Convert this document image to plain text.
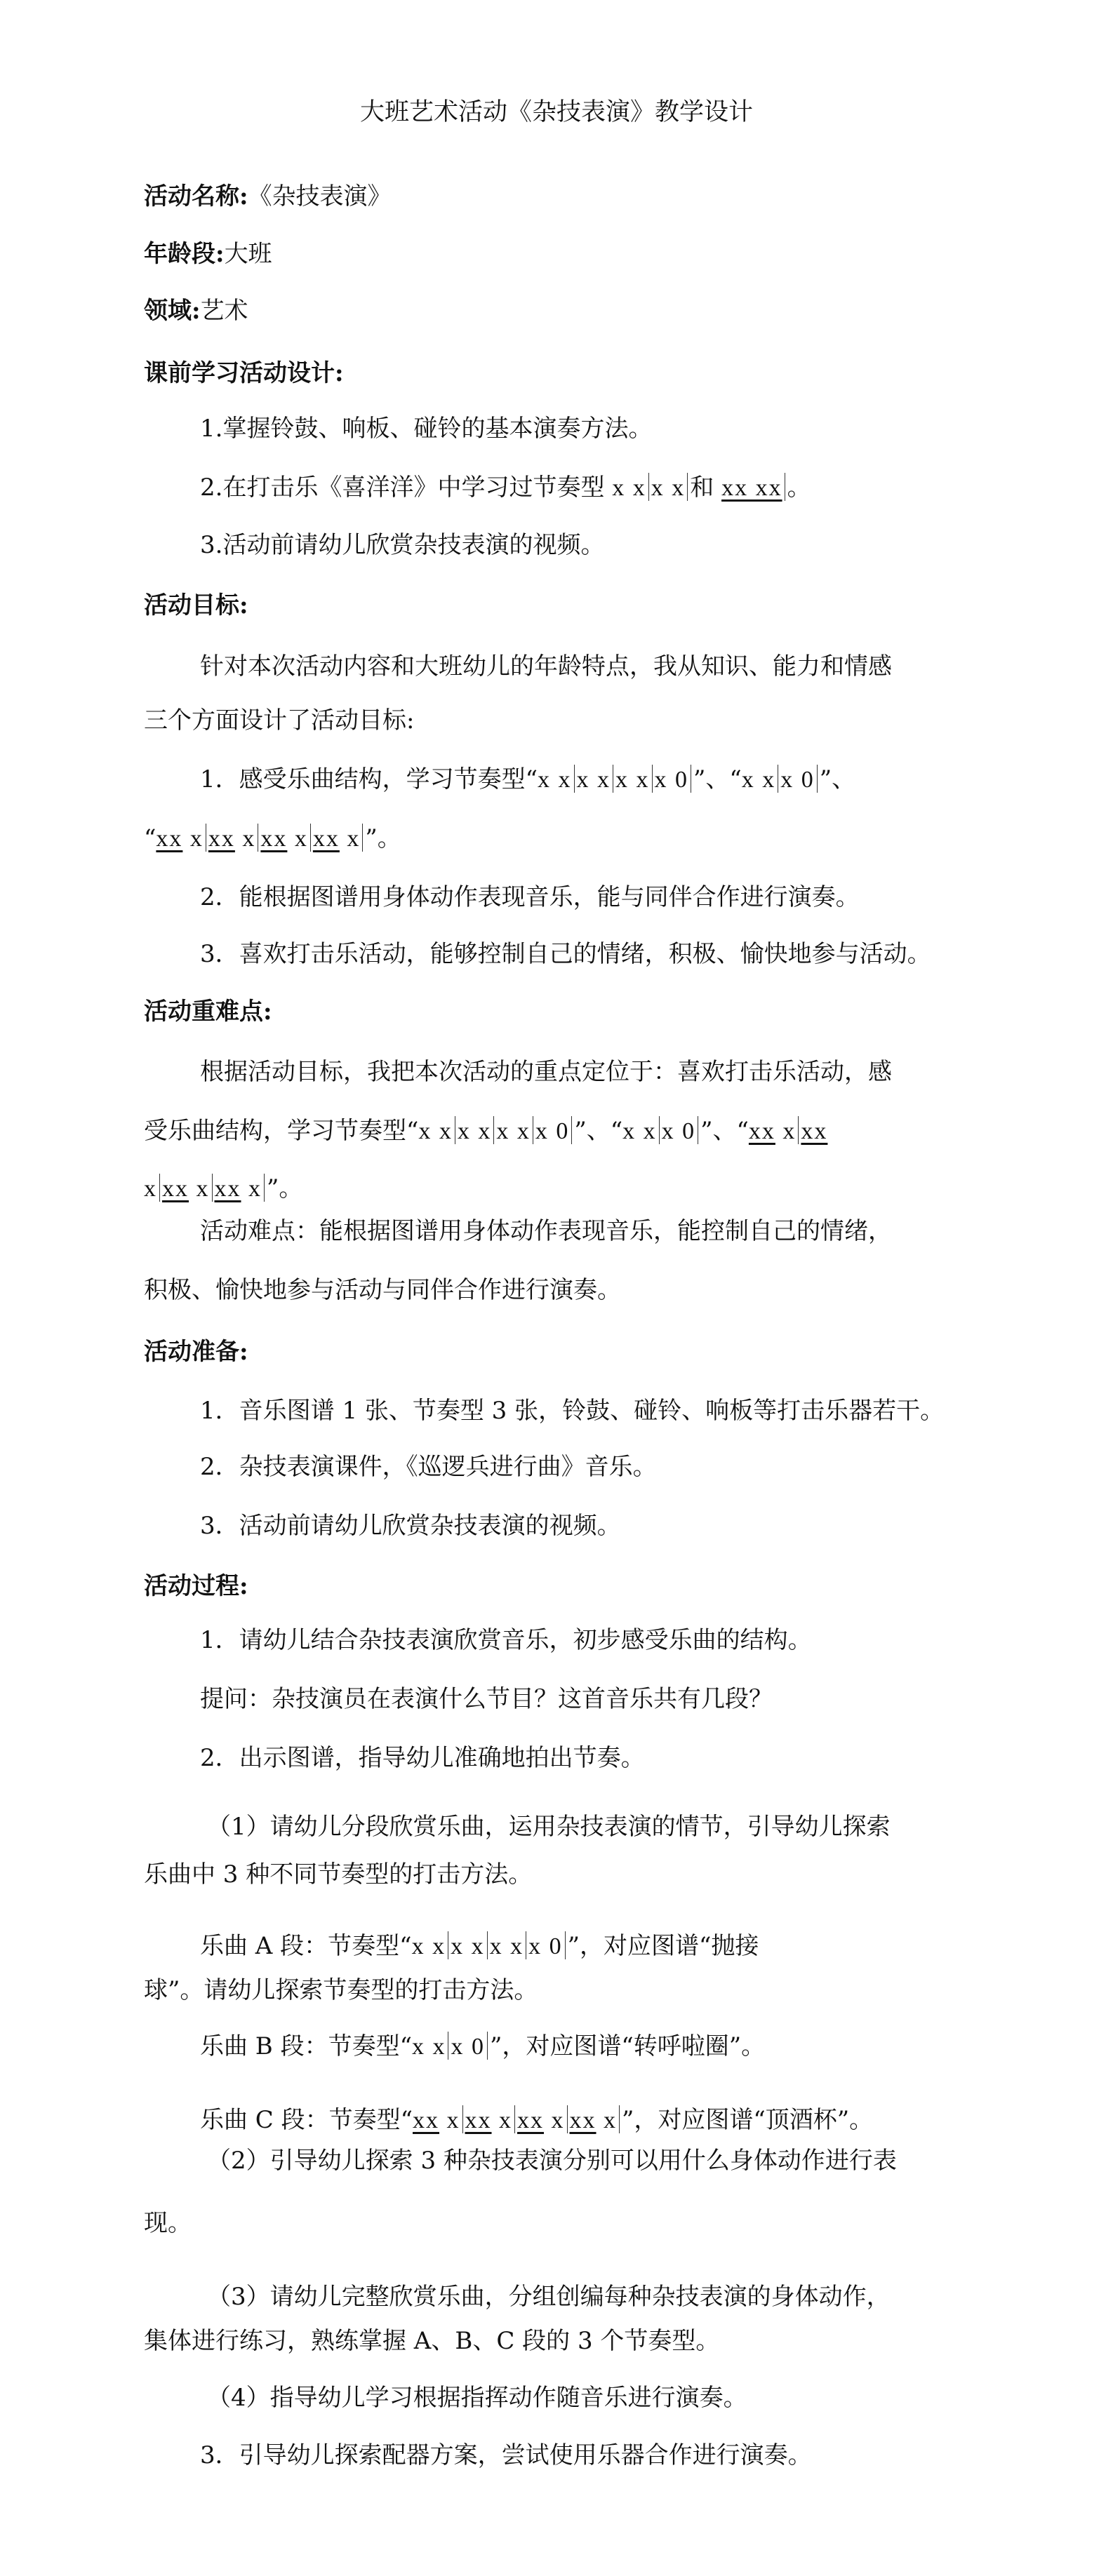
大班艺术活动《杂技表演》教学设计
活动名称:《杂技表演》
年龄段:大班
领域:艺术
课前学习活动设计:
1.掌握铃鼓、响板、碰铃的基本演奏方法。
2.在打击乐《喜洋洋》中学习过节奏型 x x x x 和 xx xx 。
3.活动前请幼儿欣赏杂技表演的视频。
活动目标:
针对本次活动内容和大班幼儿的年龄特点，我从知识、能力和情感
三个方面设计了活动目标:
1．感受乐曲结构，学习节奏型“x x x x x x x 0 ”、“x x x 0 ”、
“xx x xx x xx x xx x ”。
2．能根据图谱用身体动作表现音乐，能与同伴合作进行演奏。
3．喜欢打击乐活动，能够控制自己的情绪，积极、愉快地参与活动。
活动重难点:
根据活动目标，我把本次活动的重点定位于：喜欢打击乐活动，感
受乐曲结构，学习节奏型“x x x x x x x 0 ”、“x x x 0 ”、“xx x xx
x xx x xx x ”。
活动难点：能根据图谱用身体动作表现音乐，能控制自己的情绪，
积极、愉快地参与活动与同伴合作进行演奏。
活动准备:
1．音乐图谱 1 张、节奏型 3 张，铃鼓、碰铃、响板等打击乐器若干。
2．杂技表演课件，《巡逻兵进行曲》音乐。
3．活动前请幼儿欣赏杂技表演的视频。
活动过程:
1．请幼儿结合杂技表演欣赏音乐，初步感受乐曲的结构。
提问：杂技演员在表演什么节目？这首音乐共有几段？
2．出示图谱，指导幼儿准确地拍出节奏。
（1）请幼儿分段欣赏乐曲，运用杂技表演的情节，引导幼儿探索
乐曲中 3 种不同节奏型的打击方法。
乐曲 A 段：节奏型“x x x x x x x 0 ”，对应图谱“抛接
球”。请幼儿探索节奏型的打击方法。
乐曲 B 段：节奏型“x x x 0 ”，对应图谱“转呼啦圈”。
乐曲 C 段：节奏型“xx x xx x xx x xx x ”，对应图谱“顶酒杯”。
（2）引导幼儿探索 3 种杂技表演分别可以用什么身体动作进行表
现。
（3）请幼儿完整欣赏乐曲，分组创编每种杂技表演的身体动作，
集体进行练习，熟练掌握 A、B、C 段的 3 个节奏型。
（4）指导幼儿学习根据指挥动作随音乐进行演奏。
3．引导幼儿探索配器方案，尝试使用乐器合作进行演奏。
